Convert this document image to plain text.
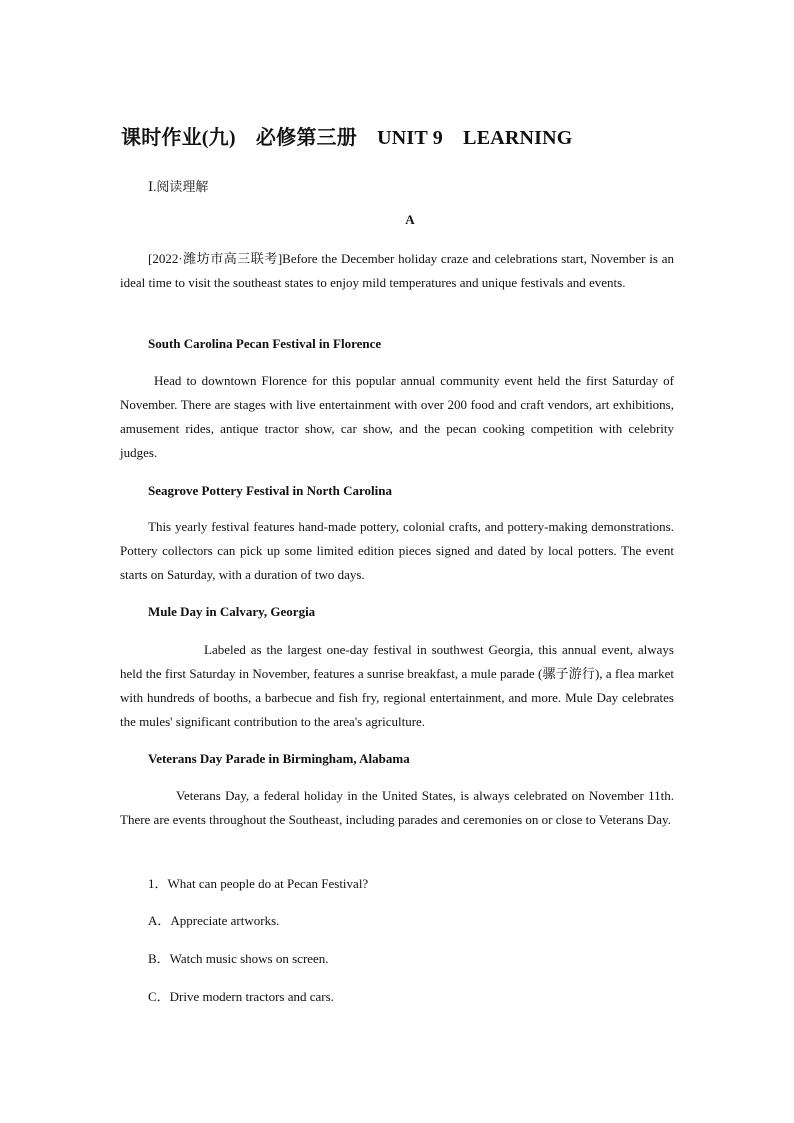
课时作业(九)　必修第三册　UNIT 9　LEARNING
Ⅰ.阅读理解
A
[2022·潍坊市高三联考]Before the December holiday craze and celebrations start, November is an ideal time to visit the southeast states to enjoy mild temperatures and unique festivals and events.
South Carolina Pecan Festival in Florence
Head to downtown Florence for this popular annual community event held the first Saturday of November. There are stages with live entertainment with over 200 food and craft vendors, art exhibitions, amusement rides, antique tractor show, car show, and the pecan cooking competition with celebrity judges.
Seagrove Pottery Festival in North Carolina
This yearly festival features hand-made pottery, colonial crafts, and pottery-making demonstrations. Pottery collectors can pick up some limited edition pieces signed and dated by local potters. The event starts on Saturday, with a duration of two days.
Mule Day in Calvary, Georgia
Labeled as the largest one-day festival in southwest Georgia, this annual event, always held the first Saturday in November, features a sunrise breakfast, a mule parade (骡子游行), a flea market with hundreds of booths, a barbecue and fish fry, regional entertainment, and more. Mule Day celebrates the mules' significant contribution to the area's agriculture.
Veterans Day Parade in Birmingham, Alabama
Veterans Day, a federal holiday in the United States, is always celebrated on November 11th. There are events throughout the Southeast, including parades and ceremonies on or close to Veterans Day.
1．What can people do at Pecan Festival?
A．Appreciate artworks.
B．Watch music shows on screen.
C．Drive modern tractors and cars.
